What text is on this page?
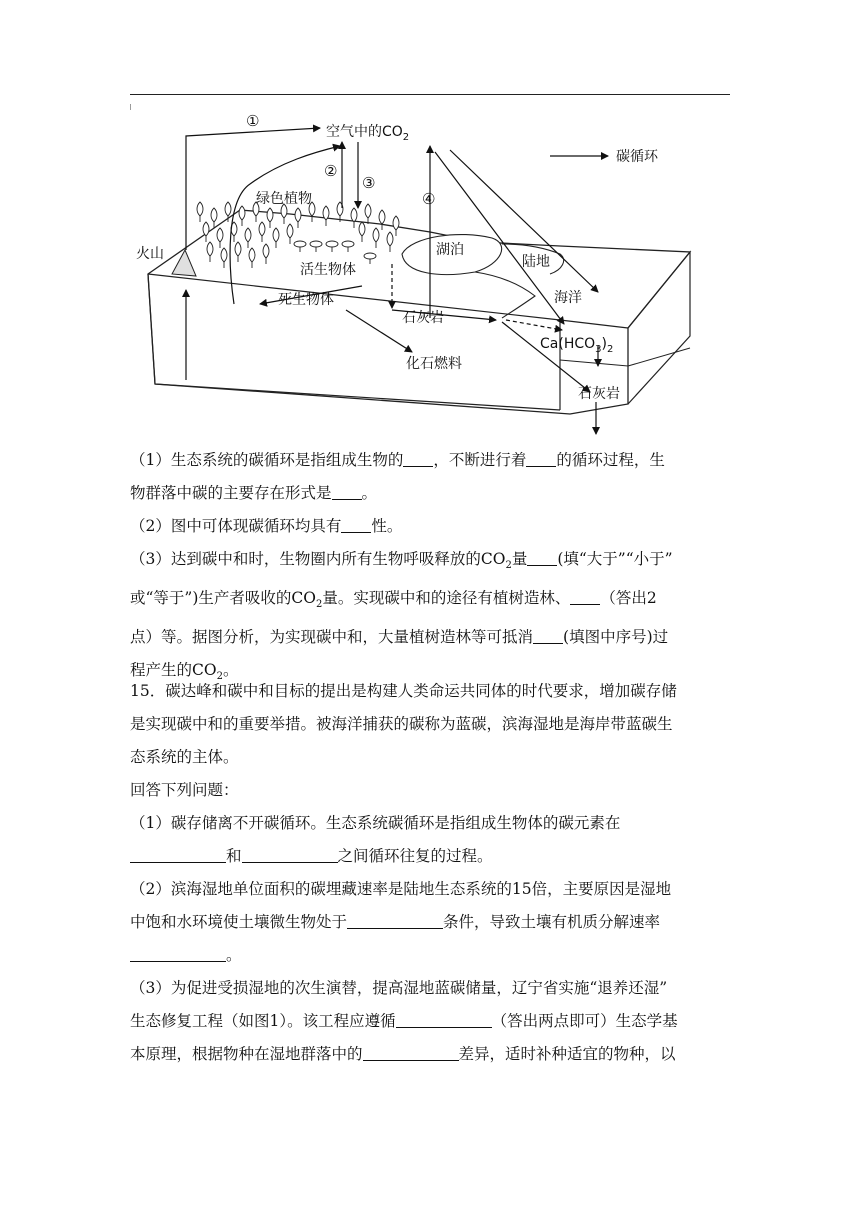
空气中的$CO_2$
碳循环
绿色植物
火山	湖泊
陆地
活生物体
海洋
死生物体
石灰岩
$Ca(HCO_3)_2$
化石燃料
石灰岩
①
②
③
④
（1）生态系统的碳循环是指组成生物的 ，不断进行着 的循环过程，生
物群落中碳的主要存在形式是 。
（2）图中可体现碳循环均具有 性。
（3）达到碳中和时，生物圈内所有生物呼吸释放的$CO_2$量 (填“大于”“小于”
或“等于”)生产者吸收的$CO_2$量。实现碳中和的途径有植树造林、 （答出2
点）等。据图分析，为实现碳中和，大量植树造林等可抵消 (填图中序号)过
程产生的$CO_2$。
15．碳达峰和碳中和目标的提出是构建人类命运共同体的时代要求，增加碳存储
是实现碳中和的重要举措。被海洋捕获的碳称为蓝碳，滨海湿地是海岸带蓝碳生
态系统的主体。
回答下列问题：
（1）碳存储离不开碳循环。生态系统碳循环是指组成生物体的碳元素在
和	之间循环往复的过程。
（2）滨海湿地单位面积的碳埋藏速率是陆地生态系统的15倍，主要原因是湿地
中饱和水环境使土壤微生物处于	条件，导致土壤有机质分解速率
。
（3）为促进受损湿地的次生演替，提高湿地蓝碳储量，辽宁省实施“退养还湿”
生态修复工程（如图1）。该工程应遵循	（答出两点即可）生态学基
本原理，根据物种在湿地群落中的	差异，适时补种适宜的物种，以
